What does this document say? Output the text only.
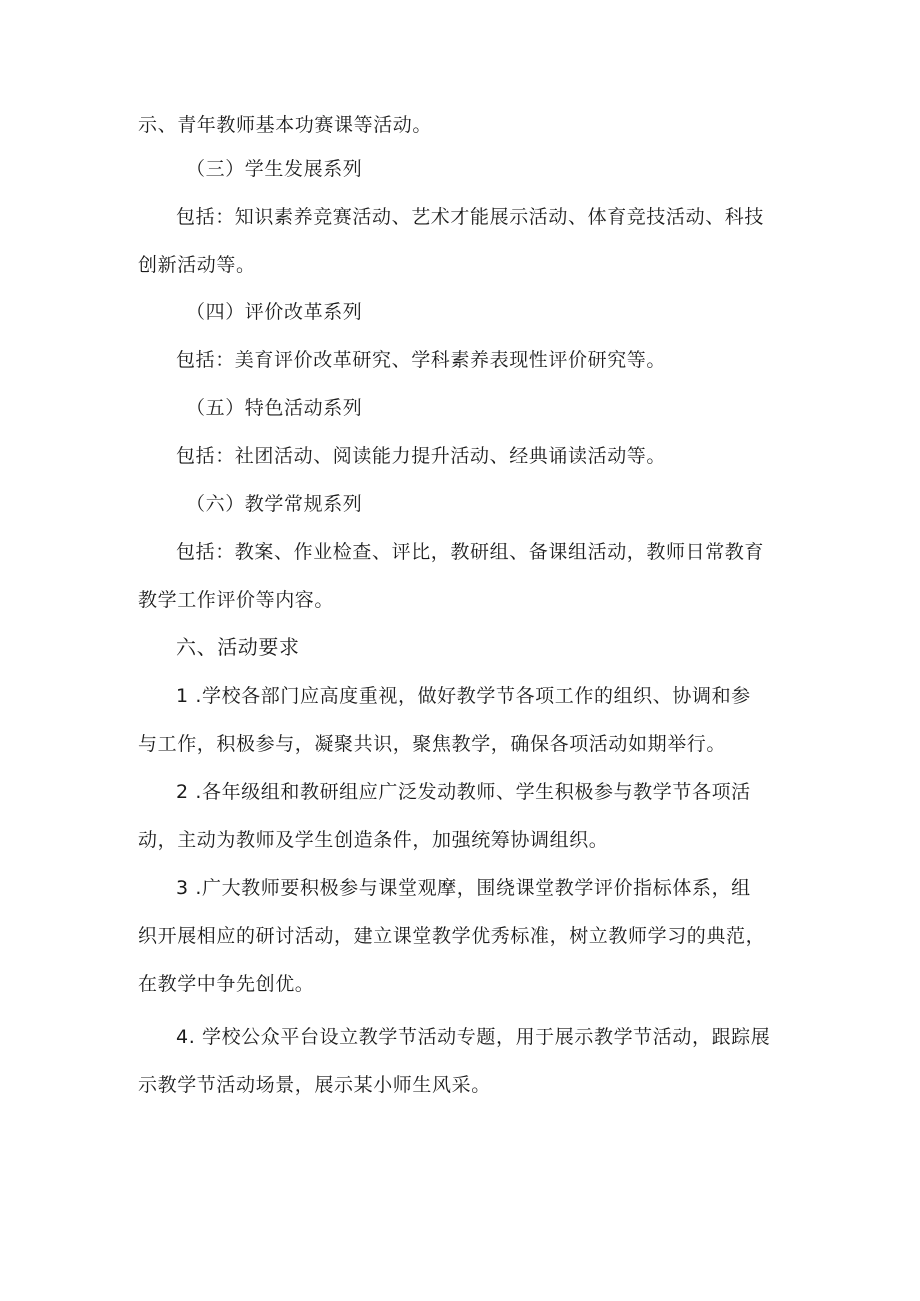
示、青年教师基本功赛课等活动。
（三）学生发展系列
包括：知识素养竞赛活动、艺术才能展示活动、体育竞技活动、科技
创新活动等。
（四）评价改革系列
包括：美育评价改革研究、学科素养表现性评价研究等。
（五）特色活动系列
包括：社团活动、阅读能力提升活动、经典诵读活动等。
（六）教学常规系列
包括：教案、作业检查、评比，教研组、备课组活动，教师日常教育
教学工作评价等内容。
六、活动要求
1 .学校各部门应高度重视，做好教学节各项工作的组织、协调和参
与工作，积极参与，凝聚共识，聚焦教学，确保各项活动如期举行。
2 .各年级组和教研组应广泛发动教师、学生积极参与教学节各项活
动，主动为教师及学生创造条件，加强统筹协调组织。
3 .广大教师要积极参与课堂观摩，围绕课堂教学评价指标体系，组
织开展相应的研讨活动，建立课堂教学优秀标准，树立教师学习的典范，
在教学中争先创优。
4. 学校公众平台设立教学节活动专题，用于展示教学节活动，跟踪展
示教学节活动场景，展示某小师生风采。
